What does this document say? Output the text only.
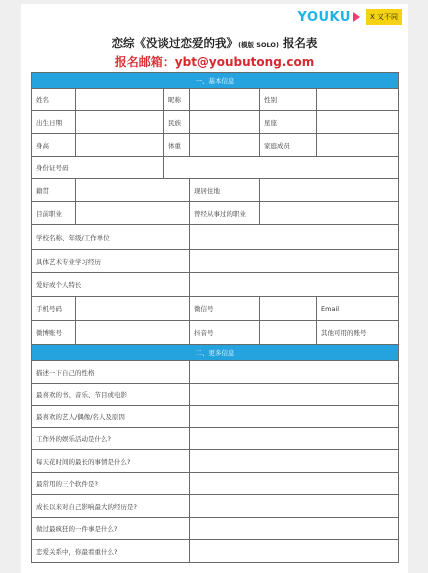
YOUKU	X 又不同
恋综《没谈过恋爱的我》(模版 SOLO) 报名表
报名邮箱：ybt@youbutong.com
一、基本信息					
姓名		昵称		性别	
出生日期		民族		星座	
身高		体重		家庭成员	
身份证号码					
籍贯			现居住地		
目前职业			曾经从事过的职业		
学校名称、年级/工作单位					
具体艺术专业学习经历					
爱好或个人特长					
手机号码			微信号		Email
微博账号			抖音号		其他可用的账号
二、更多信息					
描述一下自己的性格					
最喜欢的书、音乐、节目或电影					
最喜欢的艺人/偶像/名人及原因					
工作外的娱乐活动是什么?					
每天花时间的最长的事情是什么?					
最常用的三个软件是?					
成长以来对自己影响最大的经历是?					
做过最疯狂的一件事是什么?					
恋爱关系中，你最看重什么?					
